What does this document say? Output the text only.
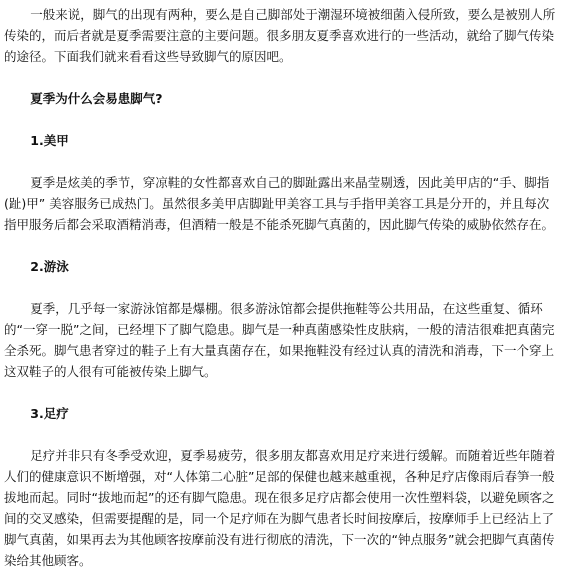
一般来说，脚气的出现有两种，要么是自己脚部处于潮湿环境被细菌入侵所致，要么是被别人所传染的，而后者就是夏季需要注意的主要问题。很多朋友夏季喜欢进行的一些活动，就给了脚气传染的途径。下面我们就来看看这些导致脚气的原因吧。

夏季为什么会易患脚气?

1.美甲

夏季是炫美的季节，穿凉鞋的女性都喜欢自己的脚趾露出来晶莹剔透，因此美甲店的“手、脚指(趾)甲” 美容服务已成热门。虽然很多美甲店脚趾甲美容工具与手指甲美容工具是分开的，并且每次指甲服务后都会采取酒精消毒，但酒精一般是不能杀死脚气真菌的，因此脚气传染的威胁依然存在。

2.游泳

夏季，几乎每一家游泳馆都是爆棚。很多游泳馆都会提供拖鞋等公共用品，在这些重复、循环的“一穿一脱”之间，已经埋下了脚气隐患。脚气是一种真菌感染性皮肤病，一般的清洁很难把真菌完全杀死。脚气患者穿过的鞋子上有大量真菌存在，如果拖鞋没有经过认真的清洗和消毒，下一个穿上这双鞋子的人很有可能被传染上脚气。

3.足疗

足疗并非只有冬季受欢迎，夏季易疲劳，很多朋友都喜欢用足疗来进行缓解。而随着近些年随着人们的健康意识不断增强，对“人体第二心脏”足部的保健也越来越重视，各种足疗店像雨后春笋一般拔地而起。同时“拔地而起”的还有脚气隐患。现在很多足疗店都会使用一次性塑料袋，以避免顾客之间的交叉感染，但需要提醒的是，同一个足疗师在为脚气患者长时间按摩后，按摩师手上已经沾上了脚气真菌，如果再去为其他顾客按摩前没有进行彻底的清洗，下一次的“钟点服务”就会把脚气真菌传染给其他顾客。
